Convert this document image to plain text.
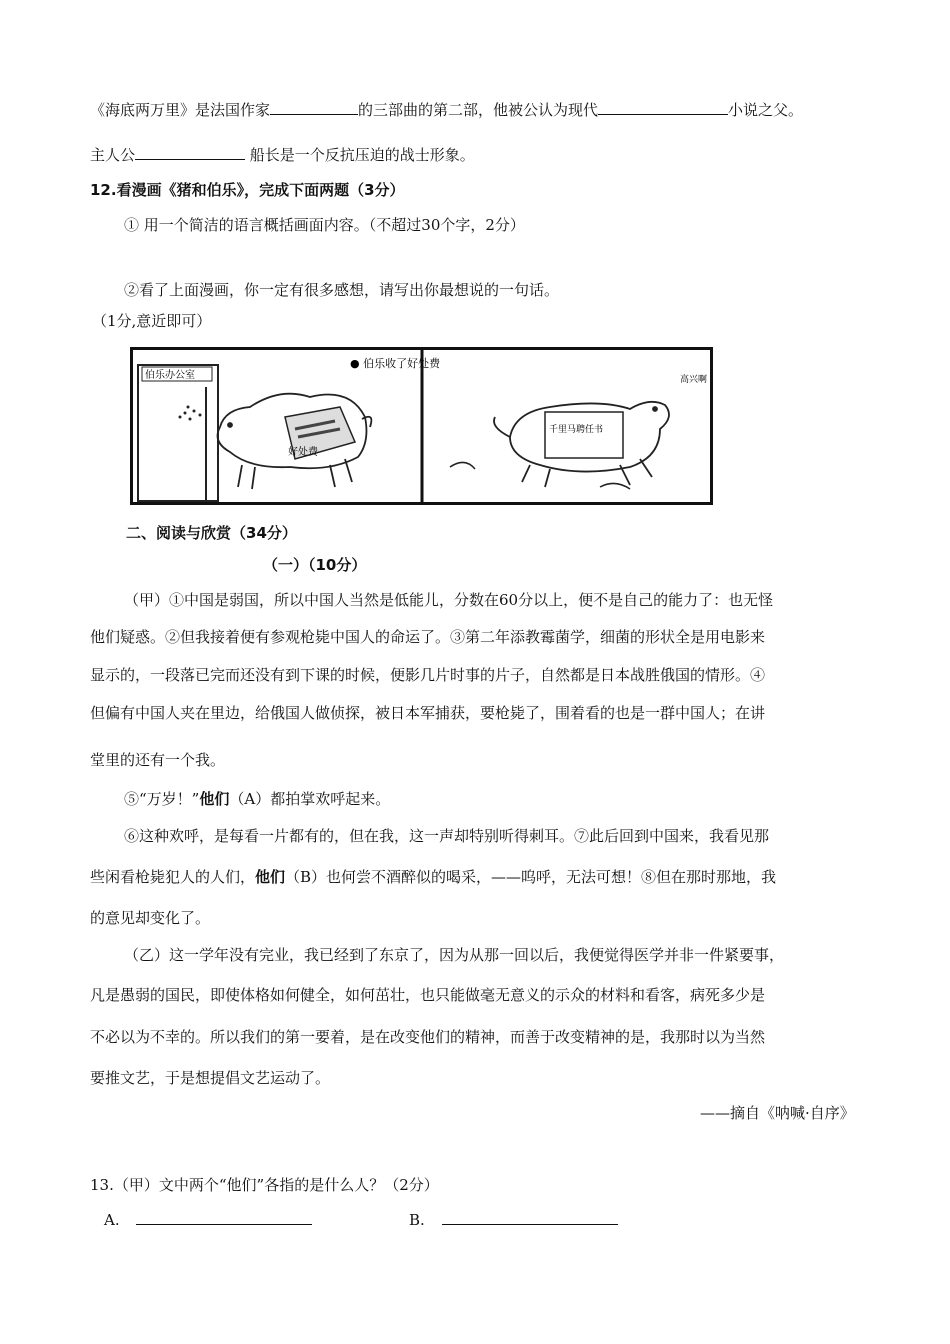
《海底两万里》是法国作家	的三部曲的第二部，他被公认为现代	小说之父。
主人公	船长是一个反抗压迫的战士形象。
12.看漫画《猪和伯乐》，完成下面两题（3分）
① 用一个简洁的语言概括画面内容。（不超过30个字，2分）
②看了上面漫画，你一定有很多感想，请写出你最想说的一句话。
（1分,意近即可）
伯乐办公室
好处费
● 伯乐收了好处费
千里马聘任书
高兴啊
二、阅读与欣赏（34分）
（一）（10分）
（甲）①中国是弱国，所以中国人当然是低能儿，分数在60分以上，便不是自己的能力了：也无怪
他们疑惑。②但我接着便有参观枪毙中国人的命运了。③第二年添教霉菌学，细菌的形状全是用电影来
显示的，一段落已完而还没有到下课的时候，便影几片时事的片子，自然都是日本战胜俄国的情形。④
但偏有中国人夹在里边，给俄国人做侦探，被日本军捕获，要枪毙了，围着看的也是一群中国人；在讲
堂里的还有一个我。
⑤“万岁！”他们（A）都拍掌欢呼起来。
⑥这种欢呼，是每看一片都有的，但在我，这一声却特别听得刺耳。⑦此后回到中国来，我看见那
些闲看枪毙犯人的人们，他们（B）也何尝不酒醉似的喝采，——呜呼，无法可想！⑧但在那时那地，我
的意见却变化了。
（乙）这一学年没有完业，我已经到了东京了，因为从那一回以后，我便觉得医学并非一件紧要事，
凡是愚弱的国民，即使体格如何健全，如何茁壮，也只能做毫无意义的示众的材料和看客，病死多少是
不必以为不幸的。所以我们的第一要着，是在改变他们的精神，而善于改变精神的是，我那时以为当然
要推文艺，于是想提倡文艺运动了。
——摘自《呐喊·自序》
13.（甲）文中两个“他们”各指的是什么人？（2分）
A.	B.
